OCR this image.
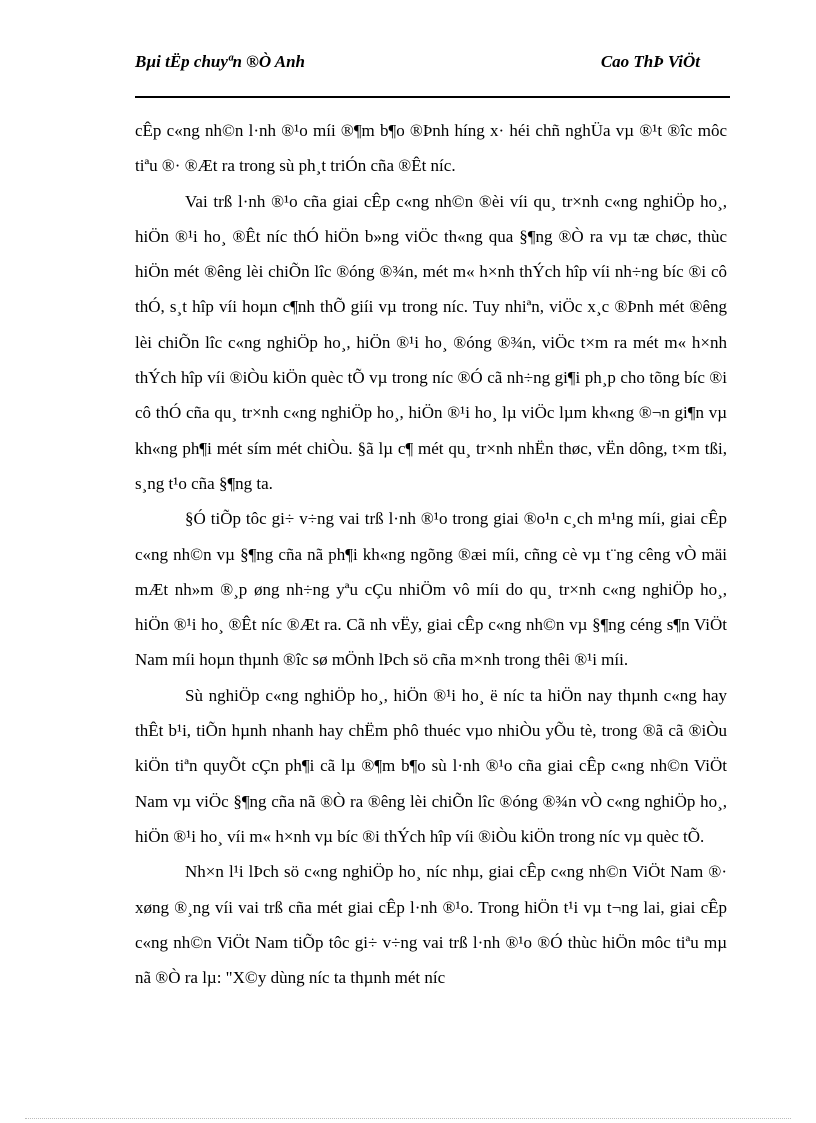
Bµi tËp chuyªn ®Ò Anh	Cao ThÞ ViÖt

cÊp c«ng nh©n l·nh ®¹o míi ®¶m b¶o ®Þnh híng x· héi chñ nghÜa vµ ®¹t ®îc môc tiªu ®· ®Æt ra trong sù ph¸t triÓn cña ®Êt níc.

Vai trß l·nh ®¹o cña giai cÊp c«ng nh©n ®èi víi qu¸ tr×nh c«ng nghiÖp ho¸, hiÖn ®¹i ho¸ ®Êt níc thÓ hiÖn b»ng viÖc th«ng qua §¶ng ®Ò ra vµ tæ chøc, thùc hiÖn mét ®êng lèi chiÕn lîc ®óng ®¾n, mét m« h×nh thÝch hîp víi nh÷ng bíc ®i cô thÓ, s¸t hîp víi hoµn c¶nh thÕ giíi vµ trong níc. Tuy nhiªn, viÖc x¸c ®Þnh mét ®êng lèi chiÕn lîc c«ng nghiÖp ho¸, hiÖn ®¹i ho¸ ®óng ®¾n, viÖc t×m ra mét m« h×nh thÝch hîp víi ®iÒu kiÖn quèc tÕ vµ trong níc ®Ó cã nh÷ng gi¶i ph¸p cho tõng bíc ®i cô thÓ cña qu¸ tr×nh c«ng nghiÖp ho¸, hiÖn ®¹i ho¸ lµ viÖc lµm kh«ng ®¬n gi¶n vµ kh«ng ph¶i mét sím mét chiÒu. §ã lµ c¶ mét qu¸ tr×nh nhËn thøc, vËn dông, t×m tßi, s¸ng t¹o cña §¶ng ta.

§Ó tiÕp tôc gi÷ v÷ng vai trß l·nh ®¹o trong giai ®o¹n c¸ch m¹ng míi, giai cÊp c«ng nh©n vµ §¶ng cña nã ph¶i kh«ng ngõng ®æi míi, cñng cè vµ t¨ng cêng vÒ mäi mÆt nh»m ®¸p øng nh÷ng yªu cÇu nhiÖm vô míi do qu¸ tr×nh c«ng nghiÖp ho¸, hiÖn ®¹i ho¸ ®Êt níc ®Æt ra. Cã nh vËy, giai cÊp c«ng nh©n vµ §¶ng céng s¶n ViÖt Nam míi hoµn thµnh ®îc sø mÖnh lÞch sö cña m×nh trong thêi ®¹i míi.

Sù nghiÖp c«ng nghiÖp ho¸, hiÖn ®¹i ho¸ ë níc ta hiÖn nay thµnh c«ng hay thÊt b¹i, tiÕn hµnh nhanh hay chËm phô thuéc vµo nhiÒu yÕu tè, trong ®ã cã ®iÒu kiÖn tiªn quyÕt cÇn ph¶i cã lµ ®¶m b¶o sù l·nh ®¹o cña giai cÊp c«ng nh©n ViÖt Nam vµ viÖc §¶ng cña nã ®Ò ra ®êng lèi chiÕn lîc ®óng ®¾n vÒ c«ng nghiÖp ho¸, hiÖn ®¹i ho¸ víi m« h×nh vµ bíc ®i thÝch hîp víi ®iÒu kiÖn trong níc vµ quèc tÕ.

Nh×n l¹i lÞch sö c«ng nghiÖp ho¸ níc nhµ, giai cÊp c«ng nh©n ViÖt Nam ®· xøng ®¸ng víi vai trß cña mét giai cÊp l·nh ®¹o. Trong hiÖn t¹i vµ t¬ng lai, giai cÊp c«ng nh©n ViÖt Nam tiÕp tôc gi÷ v÷ng vai trß l·nh ®¹o ®Ó thùc hiÖn môc tiªu mµ nã ®Ò ra lµ: "X©y dùng níc ta thµnh mét níc
